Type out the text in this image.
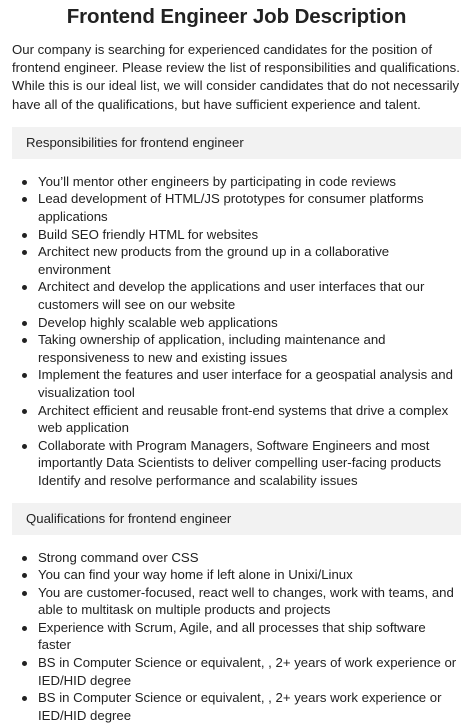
Frontend Engineer Job Description

Our company is searching for experienced candidates for the position of frontend engineer. Please review the list of responsibilities and qualifications. While this is our ideal list, we will consider candidates that do not necessarily have all of the qualifications, but have sufficient experience and talent.

Responsibilities for frontend engineer
You’ll mentor other engineers by participating in code reviews
Lead development of HTML/JS prototypes for consumer platforms applications
Build SEO friendly HTML for websites
Architect new products from the ground up in a collaborative environment
Architect and develop the applications and user interfaces that our customers will see on our website
Develop highly scalable web applications
Taking ownership of application, including maintenance and responsiveness to new and existing issues
Implement the features and user interface for a geospatial analysis and visualization tool
Architect efficient and reusable front-end systems that drive a complex web application
Collaborate with Program Managers, Software Engineers and most importantly Data Scientists to deliver compelling user-facing products Identify and resolve performance and scalability issues
Qualifications for frontend engineer
Strong command over CSS
You can find your way home if left alone in Unixi/Linux
You are customer-focused, react well to changes, work with teams, and able to multitask on multiple products and projects
Experience with Scrum, Agile, and all processes that ship software faster
BS in Computer Science or equivalent, , 2+ years of work experience or IED/HID degree
BS in Computer Science or equivalent, , 2+ years work experience or IED/HID degree
